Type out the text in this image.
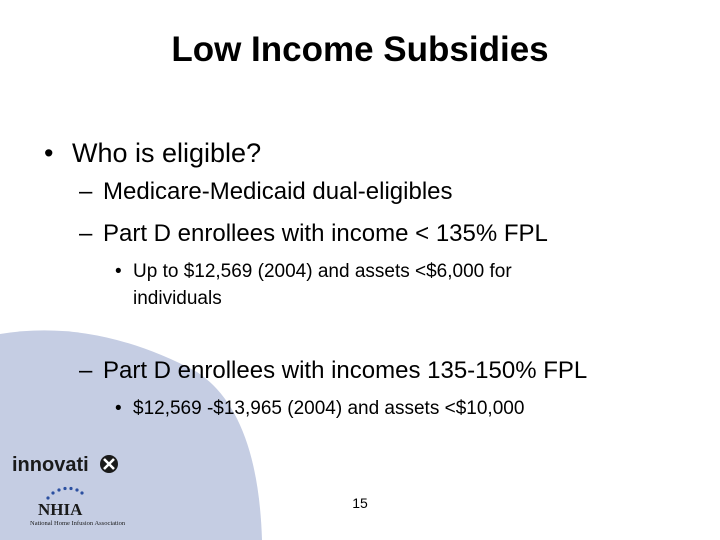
Low Income Subsidies
• Who is eligible?
– Medicare-Medicaid dual-eligibles
– Part D enrollees with income < 135% FPL
• Up to $12,569 (2004) and assets <$6,000 for
individuals
– Part D enrollees with incomes 135-150% FPL
• $12,569 -$13,965 (2004) and assets <$10,000
15
innovati
NHIA
National Home Infusion Association
